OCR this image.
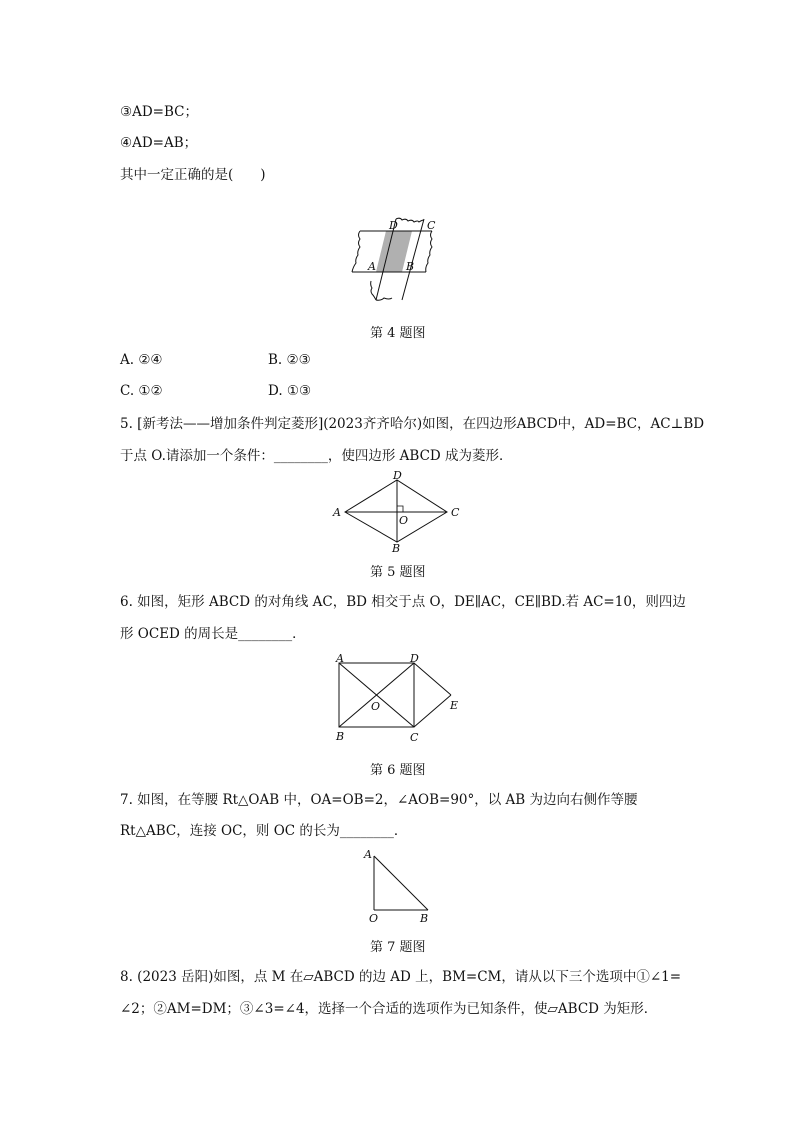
③AD=BC；
④AD=AB；
其中一定正确的是(　　)
D	C
A	B
第 4 题图
A. ②④	B. ②③
C. ①②	D. ①③
5. [新考法——增加条件判定菱形](2023齐齐哈尔)如图，在四边形ABCD中，AD=BC，AC⊥BD
于点 O.请添加一个条件：________，使四边形 ABCD 成为菱形．
A
D
C
B
O
第 5 题图
6. 如图，矩形 ABCD 的对角线 AC，BD 相交于点 O，DE∥AC，CE∥BD.若 AC=10，则四边
形 OCED 的周长是________．
A	D
B	C
O	E
第 6 题图
7. 如图，在等腰 Rt△OAB 中，OA=OB=2，∠AOB=90°，以 AB 为边向右侧作等腰
Rt△ABC，连接 OC，则 OC 的长为________．
A
O	B
第 7 题图
8. (2023 岳阳)如图，点 M 在▱ABCD 的边 AD 上，BM=CM，请从以下三个选项中①∠1=
∠2；②AM=DM；③∠3=∠4，选择一个合适的选项作为已知条件，使▱ABCD 为矩形．
